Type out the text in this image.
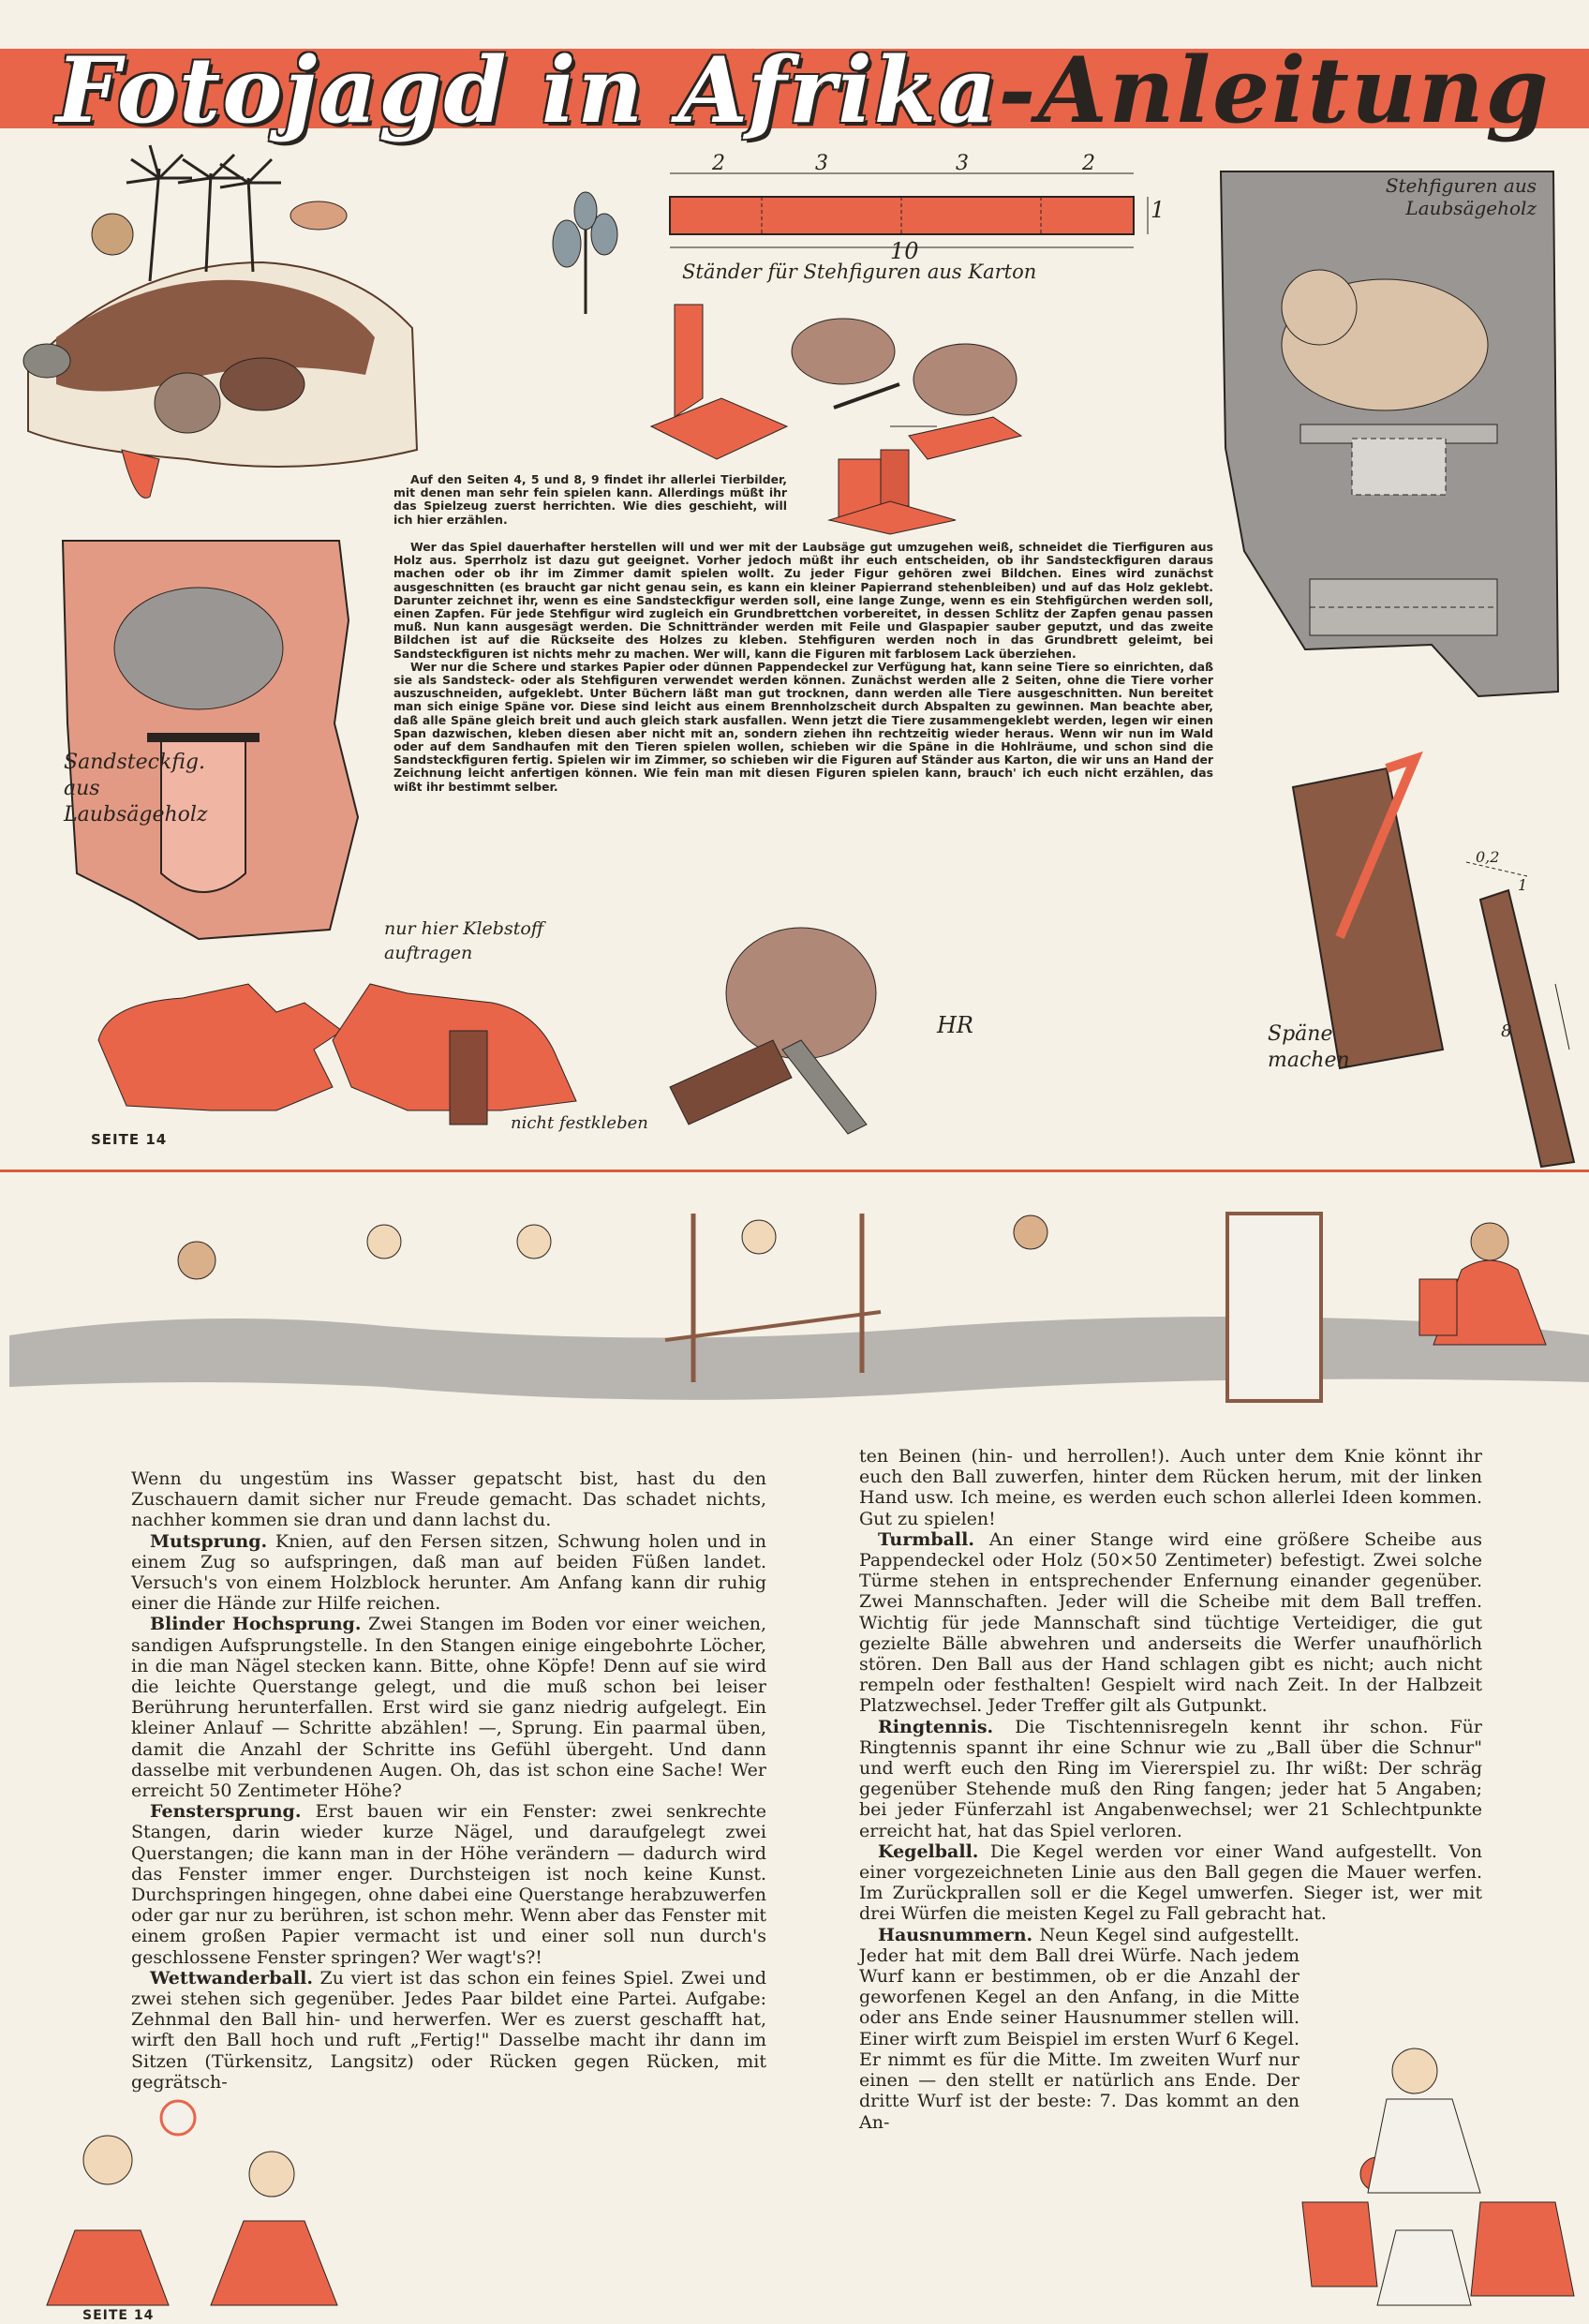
Fotojagd in Afrika-Anleitung
2	3	3	2
10
1
Ständer für Stehfiguren aus Karton
Stehfiguren aus Laubsägeholz
Sandsteckfig. aus Laubsägeholz

Auf den Seiten 4, 5 und 8, 9 findet ihr allerlei Tierbilder, mit denen man sehr fein spielen kann. Allerdings müßt ihr das Spielzeug zuerst herrichten. Wie dies geschieht, will ich hier erzählen.

Wer das Spiel dauerhafter herstellen will und wer mit der Laubsäge gut umzugehen weiß, schneidet die Tierfiguren aus Holz aus. Sperrholz ist dazu gut geeignet. Vorher jedoch müßt ihr euch entscheiden, ob ihr Sandsteckfiguren daraus machen oder ob ihr im Zimmer damit spielen wollt. Zu jeder Figur gehören zwei Bildchen. Eines wird zunächst ausgeschnitten (es braucht gar nicht genau sein, es kann ein kleiner Papierrand stehenbleiben) und auf das Holz geklebt. Darunter zeichnet ihr, wenn es eine Sandsteckfigur werden soll, eine lange Zunge, wenn es ein Stehfigürchen werden soll, einen Zapfen. Für jede Stehfigur wird zugleich ein Grundbrettchen vorbereitet, in dessen Schlitz der Zapfen genau passen muß. Nun kann ausgesägt werden. Die Schnittränder werden mit Feile und Glaspapier sauber geputzt, und das zweite Bildchen ist auf die Rückseite des Holzes zu kleben. Stehfiguren werden noch in das Grundbrett geleimt, bei Sandsteckfiguren ist nichts mehr zu machen. Wer will, kann die Figuren mit farblosem Lack überziehen.

Wer nur die Schere und starkes Papier oder dünnen Pappendeckel zur Verfügung hat, kann seine Tiere so einrichten, daß sie als Sandsteck- oder als Stehfiguren verwendet werden können. Zunächst werden alle 2 Seiten, ohne die Tiere vorher auszuschneiden, aufgeklebt. Unter Büchern läßt man gut trocknen, dann werden alle Tiere ausgeschnitten. Nun bereitet man sich einige Späne vor. Diese sind leicht aus einem Brennholzscheit durch Abspalten zu gewinnen. Man beachte aber, daß alle Späne gleich breit und auch gleich stark ausfallen. Wenn jetzt die Tiere zusammengeklebt werden, legen wir einen Span dazwischen, kleben diesen aber nicht mit an, sondern ziehen ihn rechtzeitig wieder heraus. Wenn wir nun im Wald oder auf dem Sandhaufen mit den Tieren spielen wollen, schieben wir die Späne in die Hohlräume, und schon sind die Sandsteckfiguren fertig. Spielen wir im Zimmer, so schieben wir die Figuren auf Ständer aus Karton, die wir uns an Hand der Zeichnung leicht anfertigen können. Wie fein man mit diesen Figuren spielen kann, brauch' ich euch nicht erzählen, das wißt ihr bestimmt selber.

nur hier Klebstoff auftragen
nicht festkleben
HR
0,2
1
8
Späne machen
SEITE 14

Wenn du ungestüm ins Wasser gepatscht bist, hast du den Zuschauern damit sicher nur Freude gemacht. Das schadet nichts, nachher kommen sie dran und dann lachst du.

Mutsprung. Knien, auf den Fersen sitzen, Schwung holen und in einem Zug so aufspringen, daß man auf beiden Füßen landet. Versuch's von einem Holzblock herunter. Am Anfang kann dir ruhig einer die Hände zur Hilfe reichen.

Blinder Hochsprung. Zwei Stangen im Boden vor einer weichen, sandigen Aufsprungstelle. In den Stangen einige eingebohrte Löcher, in die man Nägel stecken kann. Bitte, ohne Köpfe! Denn auf sie wird die leichte Querstange gelegt, und die muß schon bei leiser Berührung herunterfallen. Erst wird sie ganz niedrig aufgelegt. Ein kleiner Anlauf — Schritte abzählen! —, Sprung. Ein paarmal üben, damit die Anzahl der Schritte ins Gefühl übergeht. Und dann dasselbe mit verbundenen Augen. Oh, das ist schon eine Sache! Wer erreicht 50 Zentimeter Höhe?

Fenstersprung. Erst bauen wir ein Fenster: zwei senkrechte Stangen, darin wieder kurze Nägel, und daraufgelegt zwei Querstangen; die kann man in der Höhe verändern — dadurch wird das Fenster immer enger. Durchsteigen ist noch keine Kunst. Durchspringen hingegen, ohne dabei eine Querstange herabzuwerfen oder gar nur zu berühren, ist schon mehr. Wenn aber das Fenster mit einem großen Papier vermacht ist und einer soll nun durch's geschlossene Fenster springen? Wer wagt's?!

Wettwanderball. Zu viert ist das schon ein feines Spiel. Zwei und zwei stehen sich gegenüber. Jedes Paar bildet eine Partei. Aufgabe: Zehnmal den Ball hin- und herwerfen. Wer es zuerst geschafft hat, wirft den Ball hoch und ruft „Fertig!" Dasselbe macht ihr dann im Sitzen (Türkensitz, Langsitz) oder Rücken gegen Rücken, mit gegrätsch-

ten Beinen (hin- und herrollen!). Auch unter dem Knie könnt ihr euch den Ball zuwerfen, hinter dem Rücken herum, mit der linken Hand usw. Ich meine, es werden euch schon allerlei Ideen kommen. Gut zu spielen!

Turmball. An einer Stange wird eine größere Scheibe aus Pappendeckel oder Holz (50×50 Zentimeter) befestigt. Zwei solche Türme stehen in entsprechender Enfernung einander gegenüber. Zwei Mannschaften. Jeder will die Scheibe mit dem Ball treffen. Wichtig für jede Mannschaft sind tüchtige Verteidiger, die gut gezielte Bälle abwehren und anderseits die Werfer unaufhörlich stören. Den Ball aus der Hand schlagen gibt es nicht; auch nicht rempeln oder festhalten! Gespielt wird nach Zeit. In der Halbzeit Platzwechsel. Jeder Treffer gilt als Gutpunkt.

Ringtennis. Die Tischtennisregeln kennt ihr schon. Für Ringtennis spannt ihr eine Schnur wie zu „Ball über die Schnur" und werft euch den Ring im Viererspiel zu. Ihr wißt: Der schräg gegenüber Stehende muß den Ring fangen; jeder hat 5 Angaben; bei jeder Fünferzahl ist Angabenwechsel; wer 21 Schlechtpunkte erreicht hat, hat das Spiel verloren.

Kegelball. Die Kegel werden vor einer Wand aufgestellt. Von einer vorgezeichneten Linie aus den Ball gegen die Mauer werfen. Im Zurückprallen soll er die Kegel umwerfen. Sieger ist, wer mit drei Würfen die meisten Kegel zu Fall gebracht hat.

Hausnummern. Neun Kegel sind aufgestellt. Jeder hat mit dem Ball drei Würfe. Nach jedem Wurf kann er bestimmen, ob er die Anzahl der geworfenen Kegel an den Anfang, in die Mitte oder ans Ende seiner Hausnummer stellen will. Einer wirft zum Beispiel im ersten Wurf 6 Kegel. Er nimmt es für die Mitte. Im zweiten Wurf nur einen — den stellt er natürlich ans Ende. Der dritte Wurf ist der beste: 7. Das kommt an den An-

SEITE 14
